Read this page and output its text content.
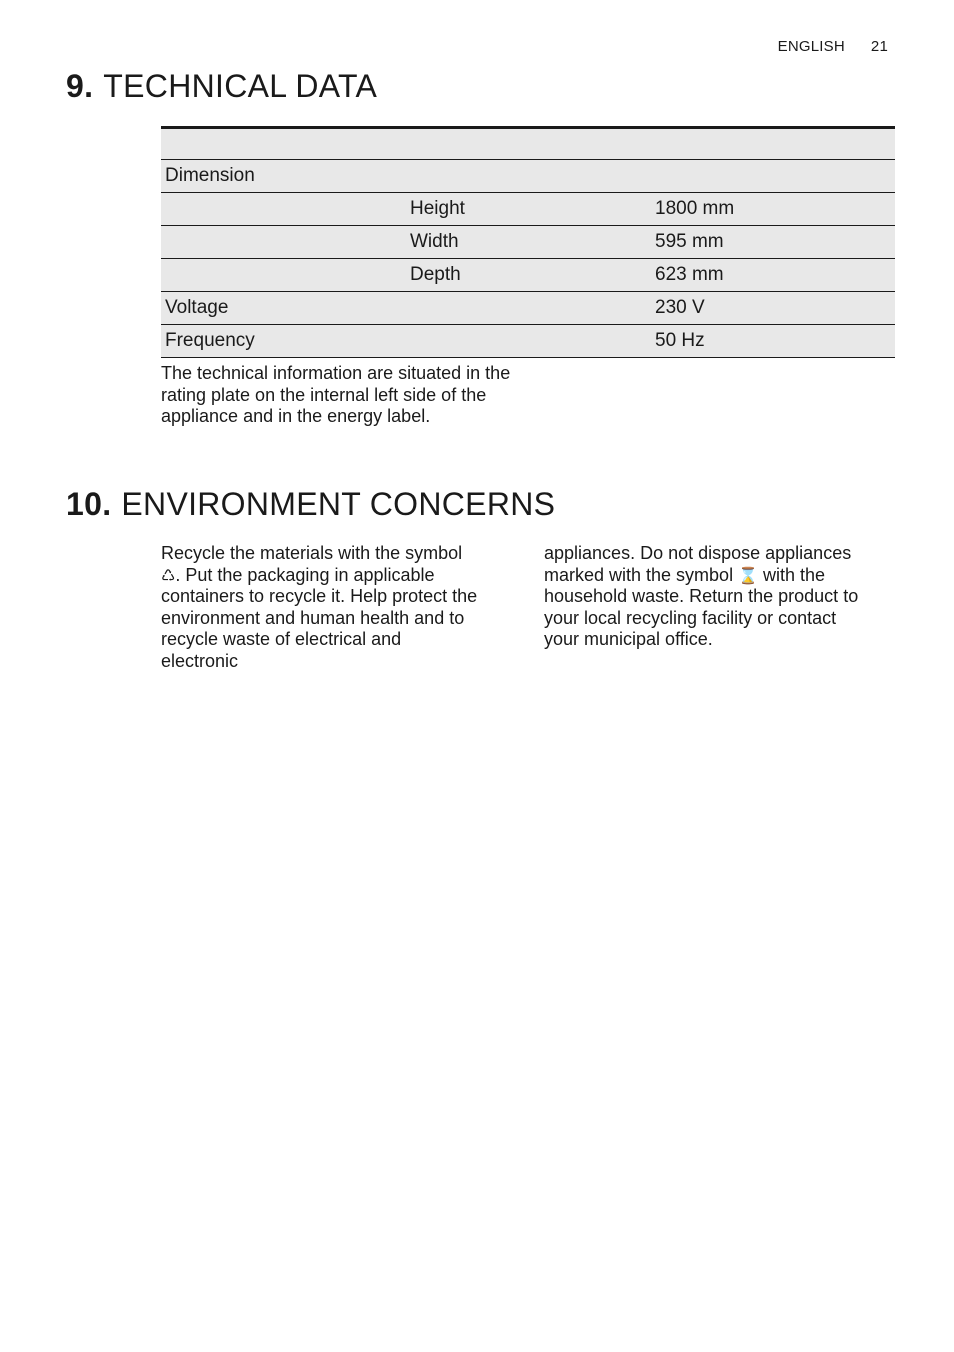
ENGLISH 21
9. TECHNICAL DATA

Dimension		
	Height	1800 mm
	Width	595 mm
	Depth	623 mm
Voltage		230 V
Frequency		50 Hz

The technical information are situated in the rating plate on the internal left side of the appliance and in the energy label.

10. ENVIRONMENT CONCERNS

Recycle the materials with the symbol ♺. Put the packaging in applicable containers to recycle it. Help protect the environment and human health and to recycle waste of electrical and electronic

appliances. Do not dispose appliances marked with the symbol ⌛ with the household waste. Return the product to your local recycling facility or contact your municipal office.
